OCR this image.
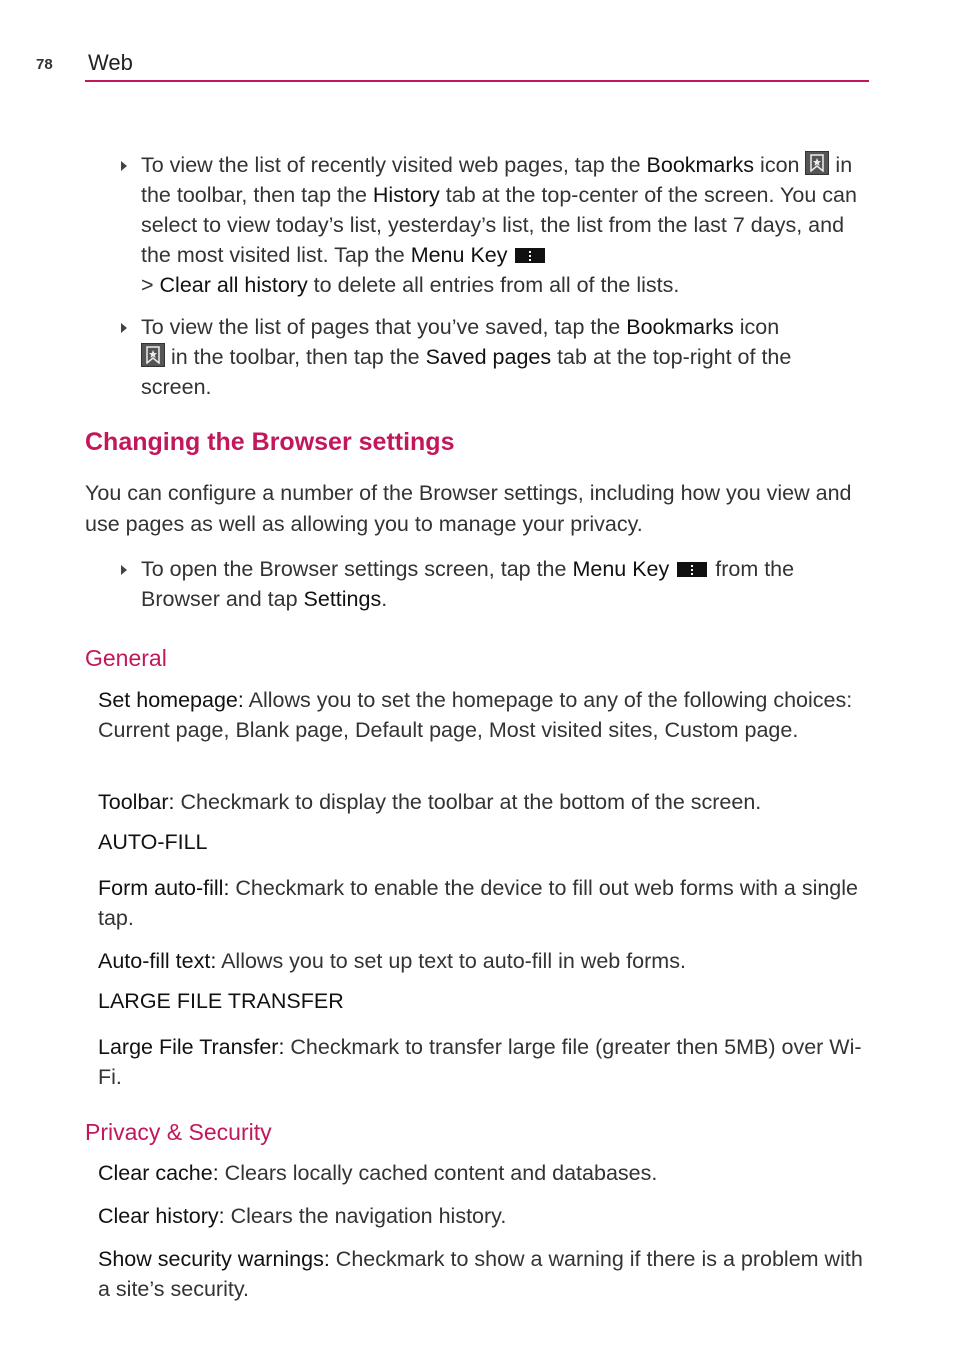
78 Web
To view the list of recently visited web pages, tap the Bookmarks icon
in the toolbar, then tap the History tab at the top-center of the screen. You can select to view today’s list, yesterday’s list, the list from the last 7 days, and the most visited list. Tap the Menu Key

> Clear all history to delete all entries from all of the lists.
To view the list of pages that you’ve saved, tap the Bookmarks icon

in the toolbar, then tap the Saved pages tab at the top-right of the screen.
Changing the Browser settings
You can configure a number of the Browser settings, including how you view and use pages as well as allowing you to manage your privacy.
To open the Browser settings screen, tap the Menu Key
from the Browser and tap Settings.
General
Set homepage: Allows you to set the homepage to any of the following choices: Current page, Blank page, Default page, Most visited sites, Custom page.
Toolbar: Checkmark to display the toolbar at the bottom of the screen.
AUTO-FILL
Form auto-fill: Checkmark to enable the device to fill out web forms with a single tap.
Auto-fill text: Allows you to set up text to auto-fill in web forms.
LARGE FILE TRANSFER
Large File Transfer: Checkmark to transfer large file (greater then 5MB) over Wi-Fi.
Privacy & Security
Clear cache: Clears locally cached content and databases.
Clear history: Clears the navigation history.
Show security warnings: Checkmark to show a warning if there is a problem with a site’s security.
